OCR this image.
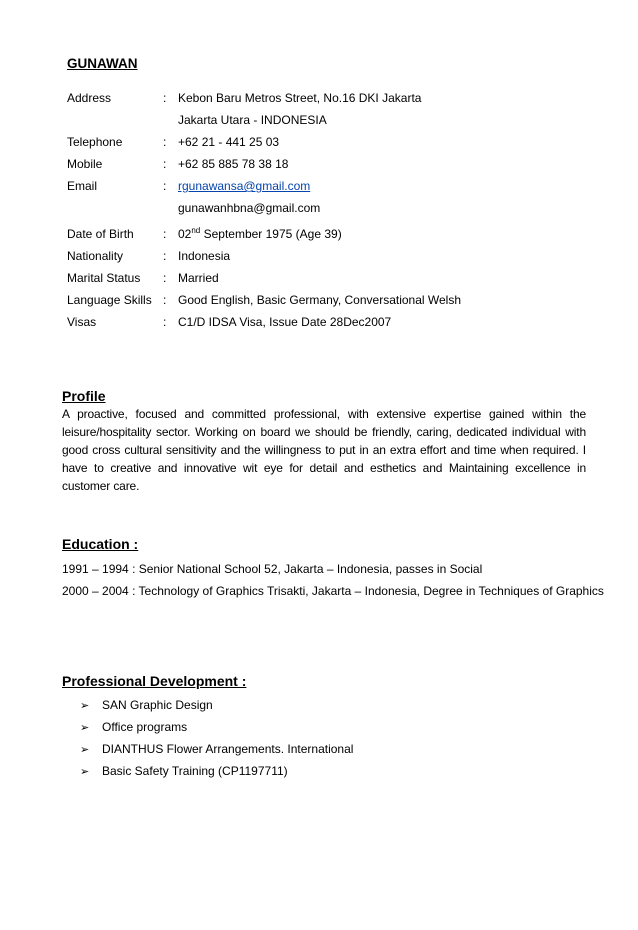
GUNAWAN
Address	: Kebon Baru Metros Street, No.16 DKI Jakarta
Jakarta Utara - INDONESIA
Telephone	: +62 21 - 441 25 03
Mobile	: +62 85 885 78 38 18
Email	: rgunawansa@gmail.com
gunawanhbna@gmail.com
Date of Birth : 02nd September 1975 (Age 39)
Nationality	: Indonesia
Marital Status : Married
Language Skills : Good English, Basic Germany, Conversational Welsh
Visas	: C1/D IDSA Visa, Issue Date 28Dec2007
Profile
A proactive, focused and committed professional, with extensive expertise gained within the leisure/hospitality sector. Working on board we should be friendly, caring, dedicated individual with good cross cultural sensitivity and the willingness to put in an extra effort and time when required. I have to creative and innovative wit eye for detail and esthetics and Maintaining excellence in customer care.
Education :
1991 – 1994 : Senior National School 52, Jakarta – Indonesia, passes in Social
2000 – 2004 : Technology of Graphics Trisakti, Jakarta – Indonesia, Degree in Techniques of Graphics
Professional Development :
➢ SAN Graphic Design
➢ Office programs
➢ DIANTHUS Flower Arrangements. International
➢ Basic Safety Training (CP1197711)
